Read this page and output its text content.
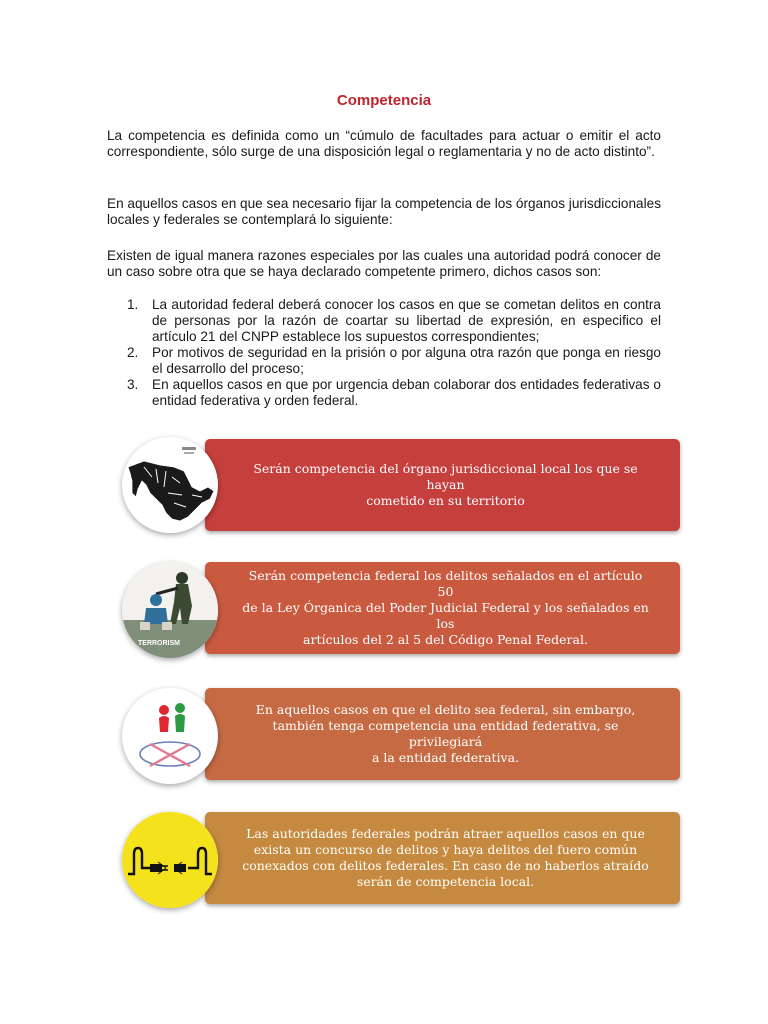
Competencia
La competencia es definida como un “cúmulo de facultades para actuar o emitir el acto correspondiente, sólo surge de una disposición legal o reglamentaria y no de acto distinto”.
En aquellos casos en que sea necesario fijar la competencia de los órganos jurisdiccionales locales y federales se contemplará lo siguiente:
Existen de igual manera razones especiales por las cuales una autoridad podrá conocer de un caso sobre otra que se haya declarado competente primero, dichos casos son:
1. La autoridad federal deberá conocer los casos en que se cometan delitos en contra de personas por la razón de coartar su libertad de expresión, en especifico el artículo 21 del CNPP establece los supuestos correspondientes;
2. Por motivos de seguridad en la prisión o por alguna otra razón que ponga en riesgo el desarrollo del proceso;
3. En aquellos casos en que por urgencia deban colaborar dos entidades federativas o entidad federativa y orden federal.
Serán competencia del órgano jurisdiccional local los que se hayan
cometido en su territorio
Serán competencia federal los delitos señalados en el artículo 50
de la Ley Órganica del Poder Judicial Federal y los señalados en los
artículos del 2 al 5 del Código Penal Federal.
TERRORISM
En aquellos casos en que el delito sea federal, sin embargo,
también tenga competencia una entidad federativa, se privilegiará
a la entidad federativa.
Las autoridades federales podrán atraer aquellos casos en que
exista un concurso de delitos y haya delitos del fuero común
conexados con delitos federales. En caso de no haberlos atraído
serán de competencia local.
